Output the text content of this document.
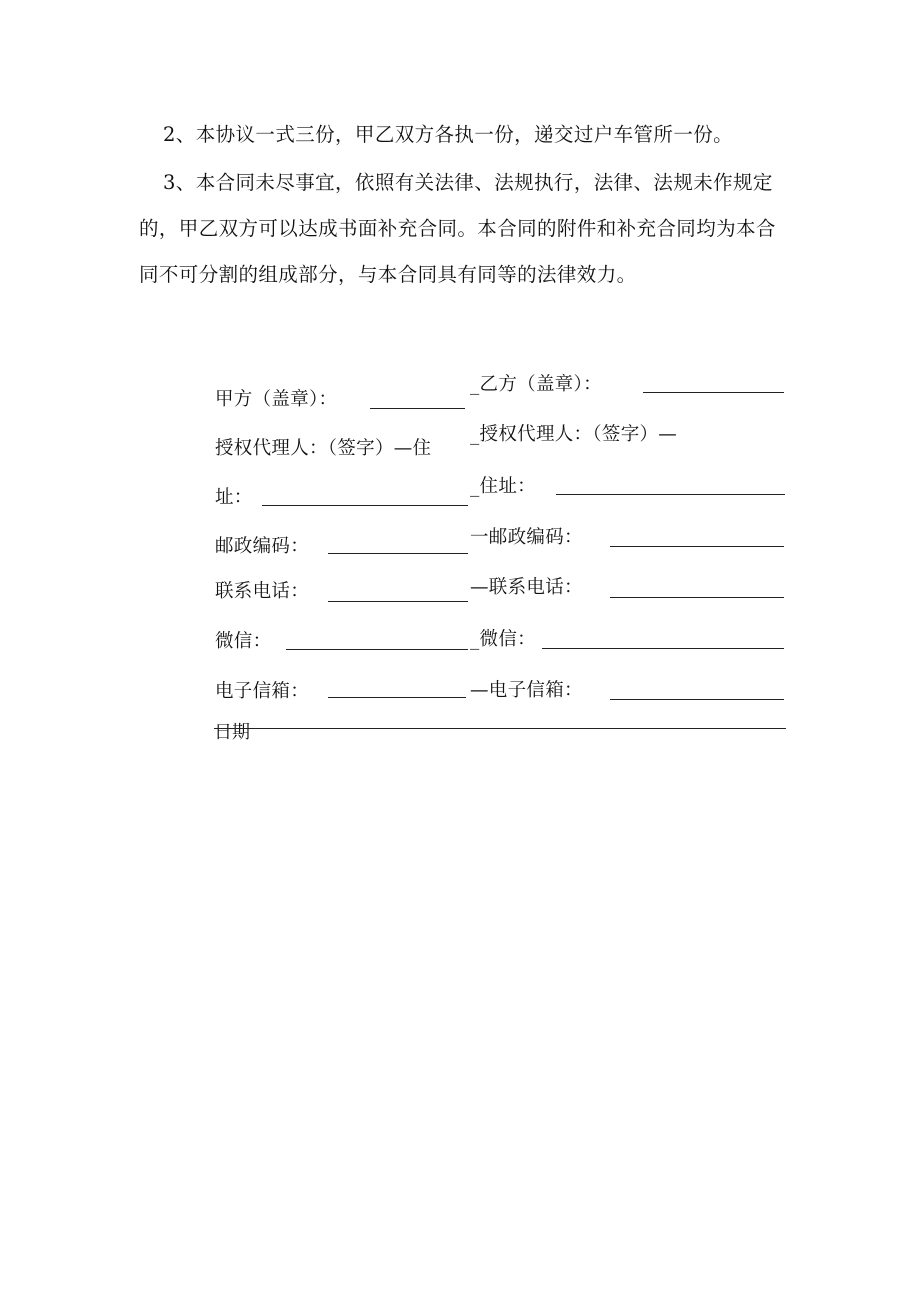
2、本协议一式三份，甲乙双方各执一份，递交过户车管所一份。

3、本合同未尽事宜，依照有关法律、法规执行，法律、法规未作规定的，甲乙双方可以达成书面补充合同。本合同的附件和补充合同均为本合同不可分割的组成部分，与本合同具有同等的法律效力。

甲方（盖章）：
授权代理人：（签字）—住
址：
邮政编码：
联系电话：
微信：
电子信箱：
_乙方（盖章）：
_授权代理人：（签字）—
_住址：
一邮政编码：
—联系电话：
_微信：
—电子信箱：
日期
